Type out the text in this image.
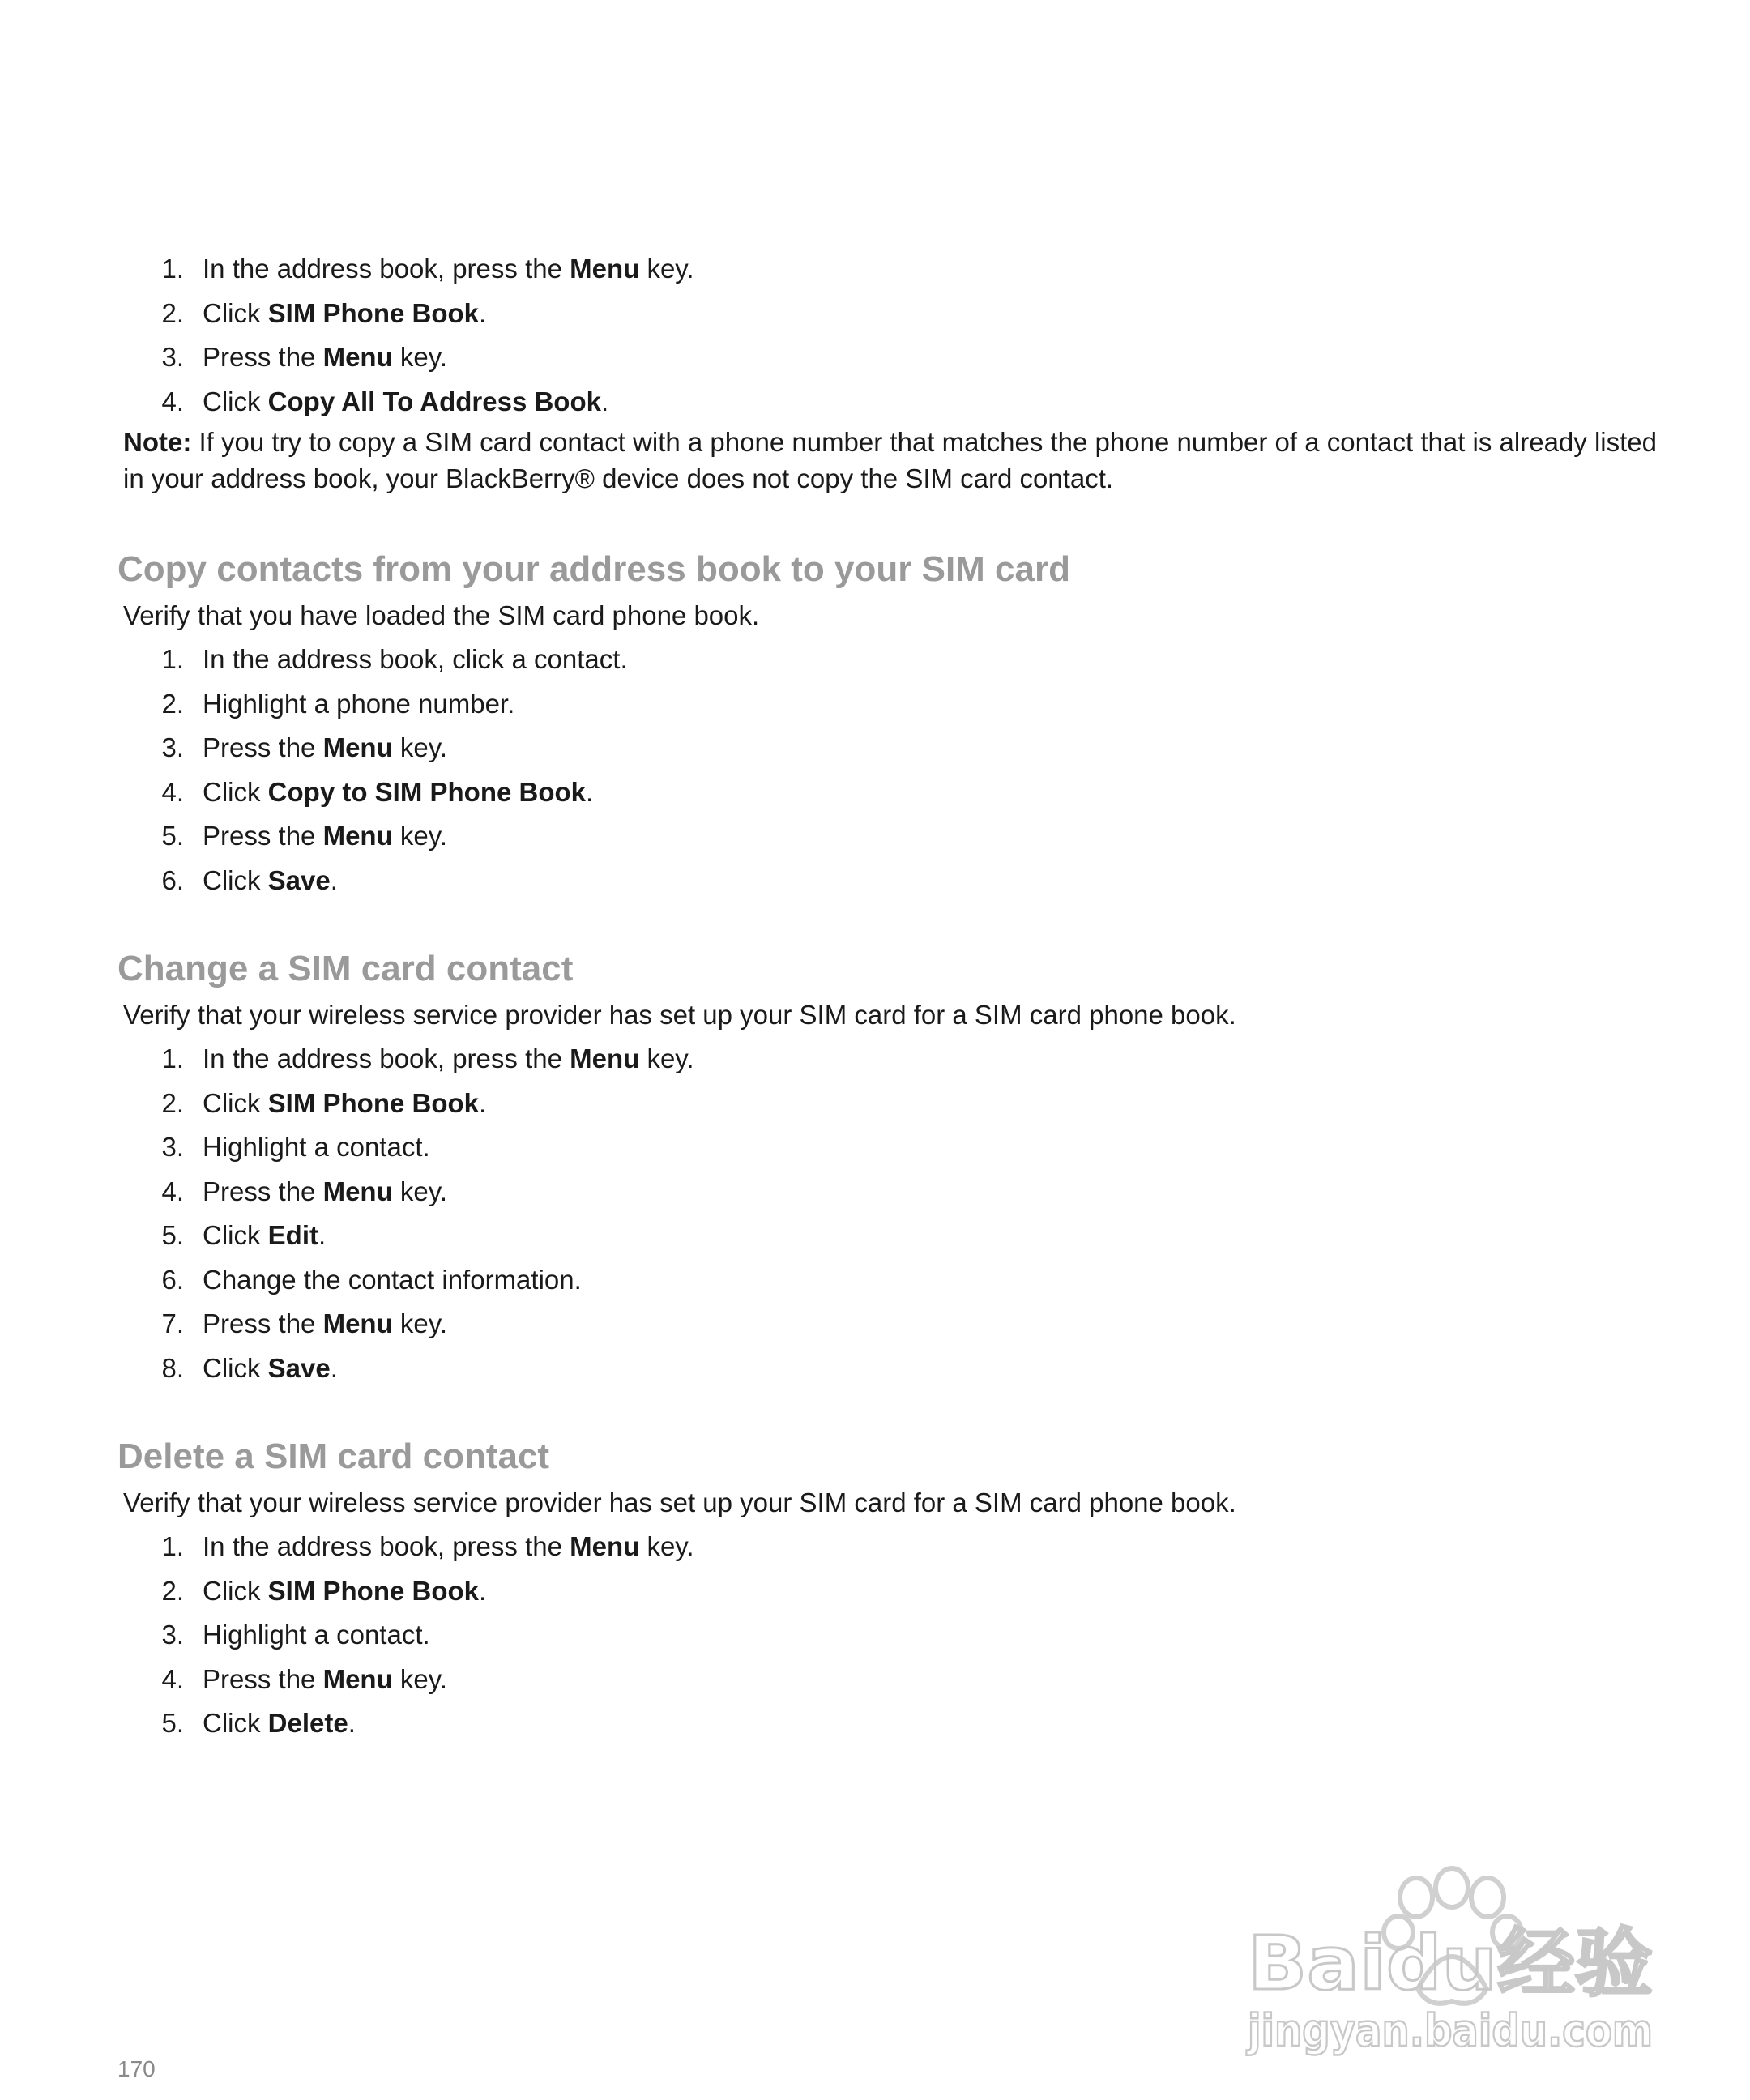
1. In the address book, press the Menu key.
2. Click SIM Phone Book.
3. Press the Menu key.
4. Click Copy All To Address Book.

Note: If you try to copy a SIM card contact with a phone number that matches the phone number of a contact that is already listed in your address book, your BlackBerry® device does not copy the SIM card contact.

Copy contacts from your address book to your SIM card

Verify that you have loaded the SIM card phone book.

1. In the address book, click a contact.
2. Highlight a phone number.
3. Press the Menu key.
4. Click Copy to SIM Phone Book.
5. Press the Menu key.
6. Click Save.
Change a SIM card contact

Verify that your wireless service provider has set up your SIM card for a SIM card phone book.

1. In the address book, press the Menu key.
2. Click SIM Phone Book.
3. Highlight a contact.
4. Press the Menu key.
5. Click Edit.
6. Change the contact information.
7. Press the Menu key.
8. Click Save.
Delete a SIM card contact

Verify that your wireless service provider has set up your SIM card for a SIM card phone book.

1. In the address book, press the Menu key.
2. Click SIM Phone Book.
3. Highlight a contact.
4. Press the Menu key.
5. Click Delete.
170
Baidu经验
jingyan.baidu.com
